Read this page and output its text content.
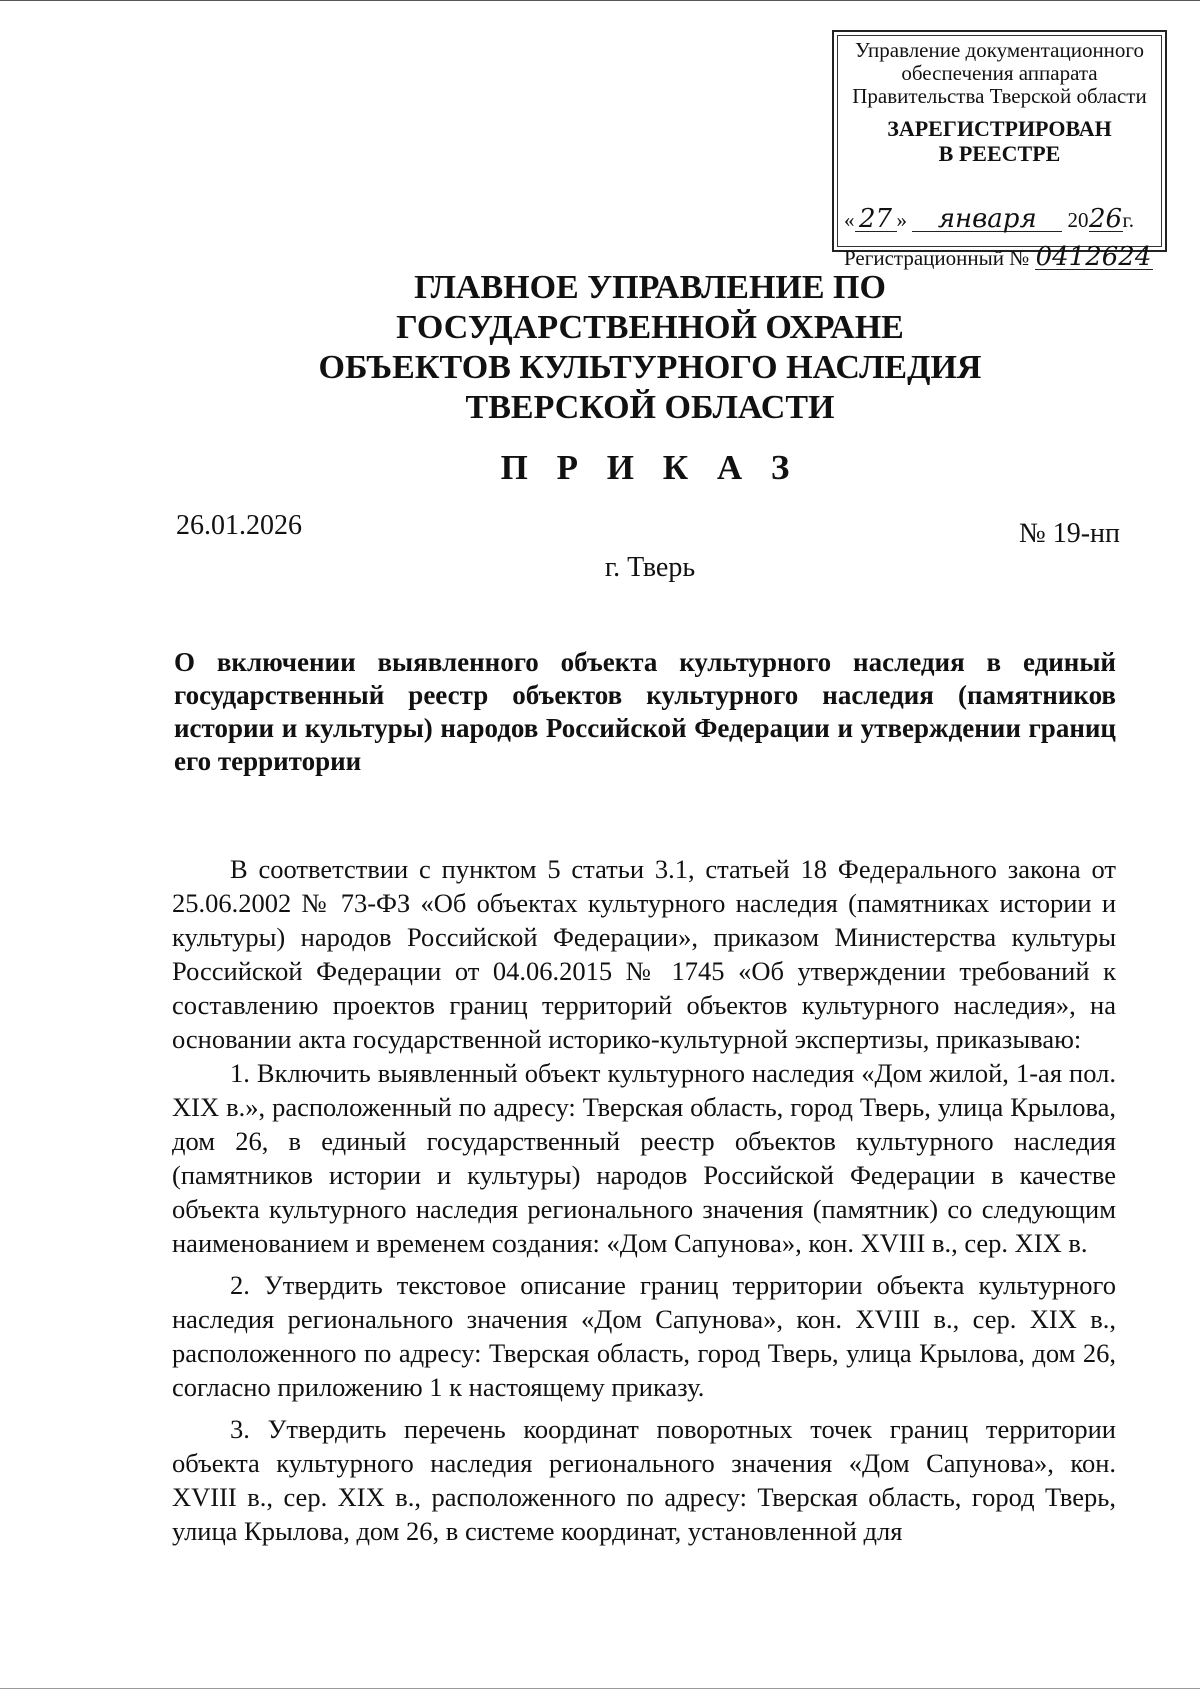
Управление документационного
обеспечения аппарата
Правительства Тверской области
ЗАРЕГИСТРИРОВАН
В РЕЕСТРЕ
« 27 » января 2026г.
Регистрационный № 0412624
ГЛАВНОЕ УПРАВЛЕНИЕ ПО
ГОСУДАРСТВЕННОЙ ОХРАНЕ
ОБЪЕКТОВ КУЛЬТУРНОГО НАСЛЕДИЯ
ТВЕРСКОЙ ОБЛАСТИ
П Р И К А З
26.01.2026	№ 19-нп
г. Тверь
О включении выявленного объекта культурного наследия в единый государственный реестр объектов культурного наследия (памятников истории и культуры) народов Российской Федерации и утверждении границ его территории

В соответствии с пунктом 5 статьи 3.1, статьей 18 Федерального закона от 25.06.2002 № 73-ФЗ «Об объектах культурного наследия (памятниках истории и культуры) народов Российской Федерации», приказом Министерства культуры Российской Федерации от 04.06.2015 № 1745 «Об утверждении требований к составлению проектов границ территорий объектов культурного наследия», на основании акта государственной историко-культурной экспертизы, приказываю:

1. Включить выявленный объект культурного наследия «Дом жилой, 1-ая пол. XIX в.», расположенный по адресу: Тверская область, город Тверь, улица Крылова, дом 26, в единый государственный реестр объектов культурного наследия (памятников истории и культуры) народов Российской Федерации в качестве объекта культурного наследия регионального значения (памятник) со следующим наименованием и временем создания: «Дом Сапунова», кон. XVIII в., сер. XIX в.

2. Утвердить текстовое описание границ территории объекта культурного наследия регионального значения «Дом Сапунова», кон. XVIII в., сер. XIX в., расположенного по адресу: Тверская область, город Тверь, улица Крылова, дом 26, согласно приложению 1 к настоящему приказу.

3. Утвердить перечень координат поворотных точек границ территории объекта культурного наследия регионального значения «Дом Сапунова», кон. XVIII в., сер. XIX в., расположенного по адресу: Тверская область, город Тверь, улица Крылова, дом 26, в системе координат, установленной для
